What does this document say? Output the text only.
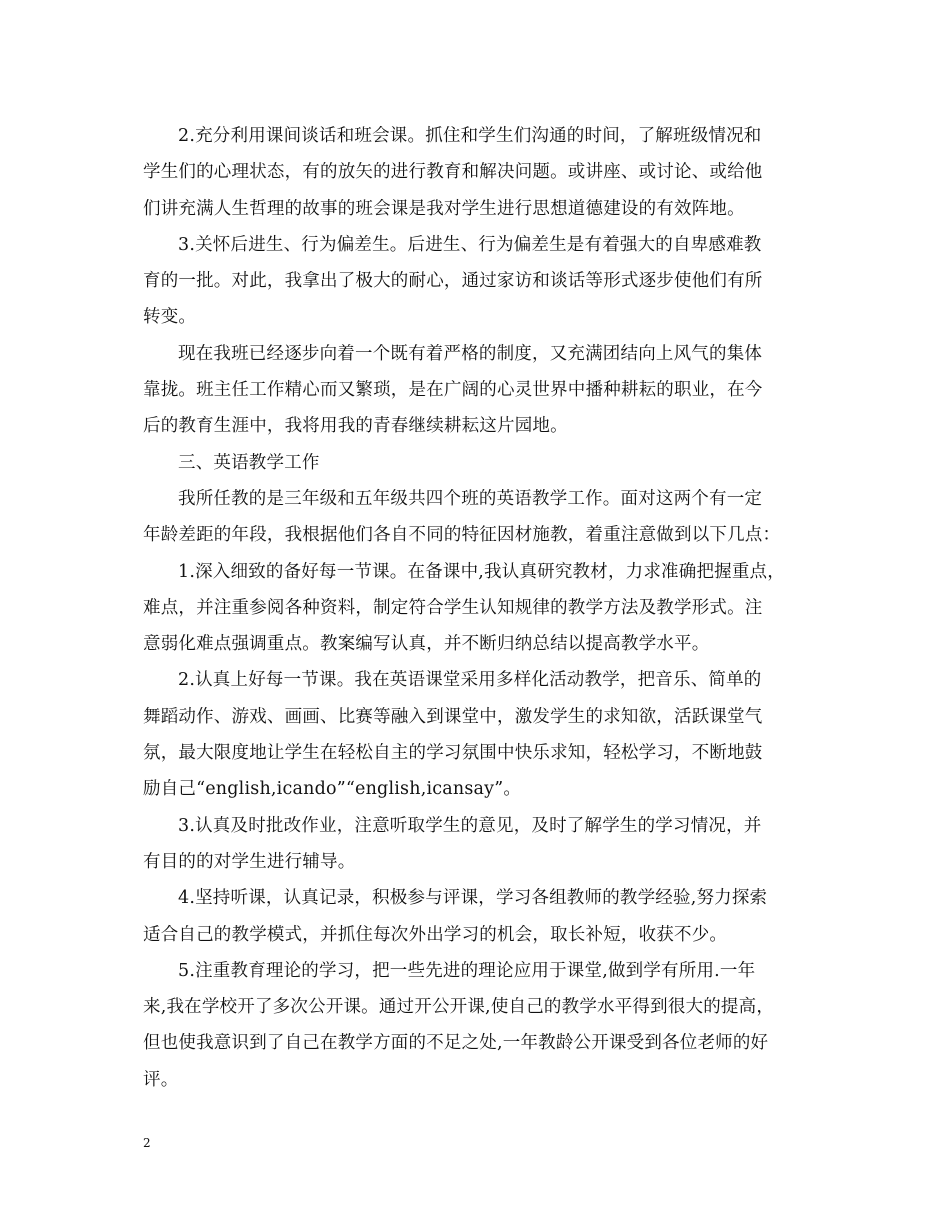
2.充分利用课间谈话和班会课。抓住和学生们沟通的时间，了解班级情况和
学生们的心理状态，有的放矢的进行教育和解决问题。或讲座、或讨论、或给他
们讲充满人生哲理的故事的班会课是我对学生进行思想道德建设的有效阵地。

3.关怀后进生、行为偏差生。后进生、行为偏差生是有着强大的自卑感难教
育的一批。对此，我拿出了极大的耐心，通过家访和谈话等形式逐步使他们有所
转变。

现在我班已经逐步向着一个既有着严格的制度，又充满团结向上风气的集体
靠拢。班主任工作精心而又繁琐，是在广阔的心灵世界中播种耕耘的职业，在今
后的教育生涯中，我将用我的青春继续耕耘这片园地。

三、英语教学工作

我所任教的是三年级和五年级共四个班的英语教学工作。面对这两个有一定
年龄差距的年段，我根据他们各自不同的特征因材施教，着重注意做到以下几点：

1.深入细致的备好每一节课。在备课中,我认真研究教材，力求准确把握重点，
难点，并注重参阅各种资料，制定符合学生认知规律的教学方法及教学形式。注
意弱化难点强调重点。教案编写认真，并不断归纳总结以提高教学水平。

2.认真上好每一节课。我在英语课堂采用多样化活动教学，把音乐、简单的
舞蹈动作、游戏、画画、比赛等融入到课堂中，激发学生的求知欲，活跃课堂气
氛，最大限度地让学生在轻松自主的学习氛围中快乐求知，轻松学习，不断地鼓
励自己“english,icando”“english,icansay”。

3.认真及时批改作业，注意听取学生的意见，及时了解学生的学习情况，并
有目的的对学生进行辅导。

4.坚持听课，认真记录，积极参与评课，学习各组教师的教学经验,努力探索
适合自己的教学模式，并抓住每次外出学习的机会，取长补短，收获不少。

5.注重教育理论的学习，把一些先进的理论应用于课堂,做到学有所用.一年
来,我在学校开了多次公开课。通过开公开课,使自己的教学水平得到很大的提高，
但也使我意识到了自己在教学方面的不足之处,一年教龄公开课受到各位老师的好
评。

2
